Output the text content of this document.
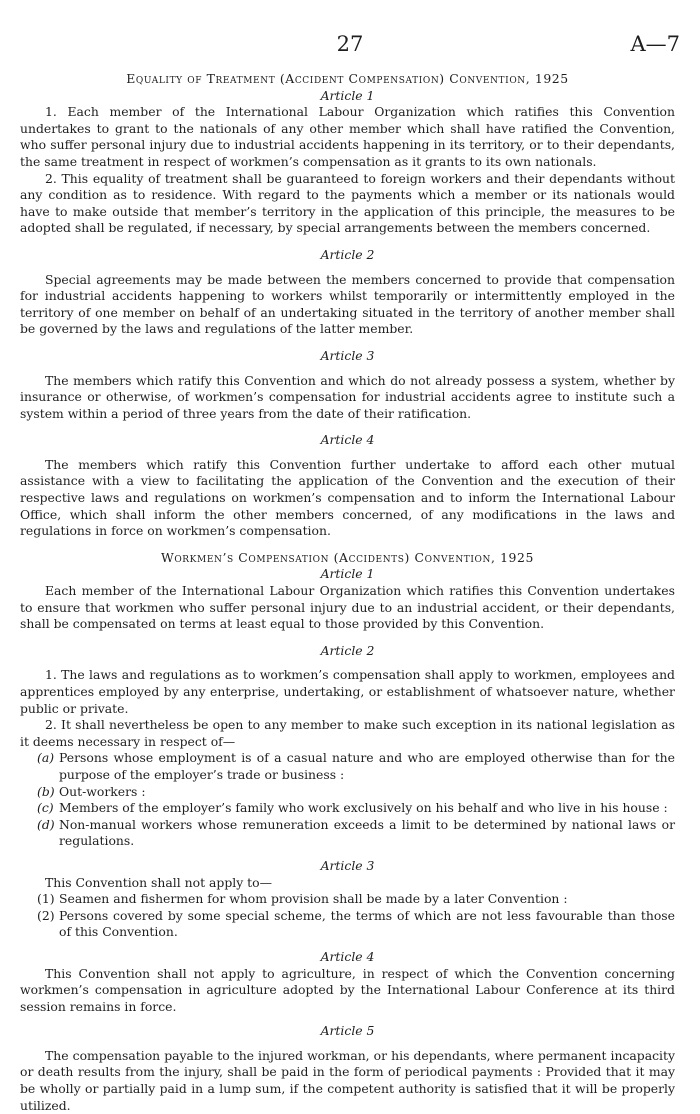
27	A—7

Equality of Treatment (Accident Compensation) Convention, 1925

Article 1

1. Each member of the International Labour Organization which ratifies this Convention undertakes to grant to the nationals of any other member which shall have ratified the Convention, who suffer personal injury due to industrial accidents happening in its territory, or to their dependants, the same treatment in respect of workmen’s compensation as it grants to its own nationals.

2. This equality of treatment shall be guaranteed to foreign workers and their dependants without any condition as to residence. With regard to the payments which a member or its nationals would have to make outside that member’s territory in the application of this principle, the measures to be adopted shall be regulated, if necessary, by special arrangements between the members concerned.

Article 2

Special agreements may be made between the members concerned to provide that compensation for industrial accidents happening to workers whilst temporarily or intermittently employed in the territory of one member on behalf of an undertaking situated in the territory of another member shall be governed by the laws and regulations of the latter member.

Article 3

The members which ratify this Convention and which do not already possess a system, whether by insurance or otherwise, of workmen’s compensation for industrial accidents agree to institute such a system within a period of three years from the date of their ratification.

Article 4

The members which ratify this Convention further undertake to afford each other mutual assistance with a view to facilitating the application of the Convention and the execution of their respective laws and regulations on workmen’s compensation and to inform the International Labour Office, which shall inform the other members concerned, of any modifications in the laws and regulations in force on workmen’s compensation.

Workmen’s Compensation (Accidents) Convention, 1925

Article 1

Each member of the International Labour Organization which ratifies this Convention undertakes to ensure that workmen who suffer personal injury due to an industrial accident, or their dependants, shall be compensated on terms at least equal to those provided by this Convention.

Article 2

1. The laws and regulations as to workmen’s compensation shall apply to workmen, employees and apprentices employed by any enterprise, undertaking, or establishment of whatsoever nature, whether public or private.

2. It shall nevertheless be open to any member to make such exception in its national legislation as it deems necessary in respect of—

(a) Persons whose employment is of a casual nature and who are employed otherwise than for the purpose of the employer’s trade or business :
(b) Out-workers :
(c) Members of the employer’s family who work exclusively on his behalf and who live in his house :
(d) Non-manual workers whose remuneration exceeds a limit to be determined by national laws or regulations.

Article 3

This Convention shall not apply to—

(1) Seamen and fishermen for whom provision shall be made by a later Convention :
(2) Persons covered by some special scheme, the terms of which are not less favourable than those of this Convention.

Article 4

This Convention shall not apply to agriculture, in respect of which the Convention concerning workmen’s compensation in agriculture adopted by the International Labour Conference at its third session remains in force.

Article 5

The compensation payable to the injured workman, or his dependants, where permanent incapacity or death results from the injury, shall be paid in the form of periodical payments : Provided that it may be wholly or partially paid in a lump sum, if the competent authority is satisfied that it will be properly utilized.
